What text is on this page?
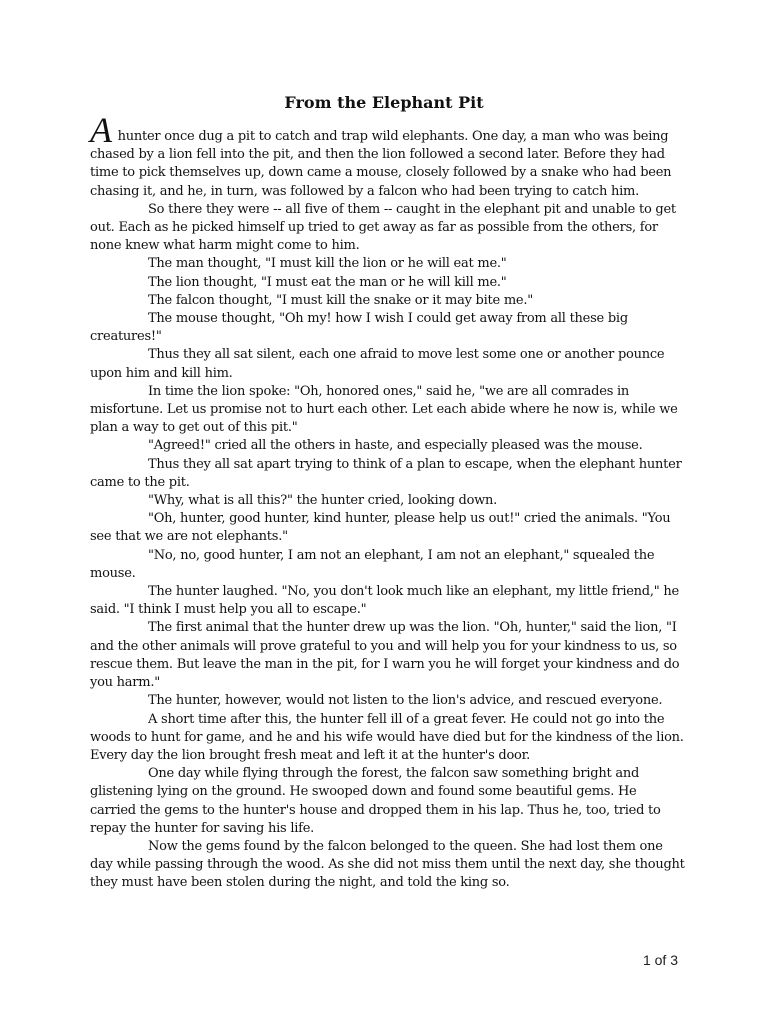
From the Elephant Pit

A hunter once dug a pit to catch and trap wild elephants. One day, a man who was being chased by a lion fell into the pit, and then the lion followed a second later. Before they had time to pick themselves up, down came a mouse, closely followed by a snake who had been chasing it, and he, in turn, was followed by a falcon who had been trying to catch him.

So there they were -- all five of them -- caught in the elephant pit and unable to get out. Each as he picked himself up tried to get away as far as possible from the others, for none knew what harm might come to him.

The man thought, "I must kill the lion or he will eat me."

The lion thought, "I must eat the man or he will kill me."

The falcon thought, "I must kill the snake or it may bite me."

The mouse thought, "Oh my! how I wish I could get away from all these big creatures!"

Thus they all sat silent, each one afraid to move lest some one or another pounce upon him and kill him.

In time the lion spoke: "Oh, honored ones," said he, "we are all comrades in misfortune. Let us promise not to hurt each other. Let each abide where he now is, while we plan a way to get out of this pit."

"Agreed!" cried all the others in haste, and especially pleased was the mouse.

Thus they all sat apart trying to think of a plan to escape, when the elephant hunter came to the pit.

"Why, what is all this?" the hunter cried, looking down.

"Oh, hunter, good hunter, kind hunter, please help us out!" cried the animals. "You see that we are not elephants."

"No, no, good hunter, I am not an elephant, I am not an elephant," squealed the mouse.

The hunter laughed. "No, you don't look much like an elephant, my little friend," he said. "I think I must help you all to escape."

The first animal that the hunter drew up was the lion. "Oh, hunter," said the lion, "I and the other animals will prove grateful to you and will help you for your kindness to us, so rescue them. But leave the man in the pit, for I warn you he will forget your kindness and do you harm."

The hunter, however, would not listen to the lion's advice, and rescued everyone.

A short time after this, the hunter fell ill of a great fever. He could not go into the woods to hunt for game, and he and his wife would have died but for the kindness of the lion. Every day the lion brought fresh meat and left it at the hunter's door.

One day while flying through the forest, the falcon saw something bright and glistening lying on the ground. He swooped down and found some beautiful gems. He carried the gems to the hunter's house and dropped them in his lap. Thus he, too, tried to repay the hunter for saving his life.

Now the gems found by the falcon belonged to the queen. She had lost them one day while passing through the wood. As she did not miss them until the next day, she thought they must have been stolen during the night, and told the king so.

1 of 3
